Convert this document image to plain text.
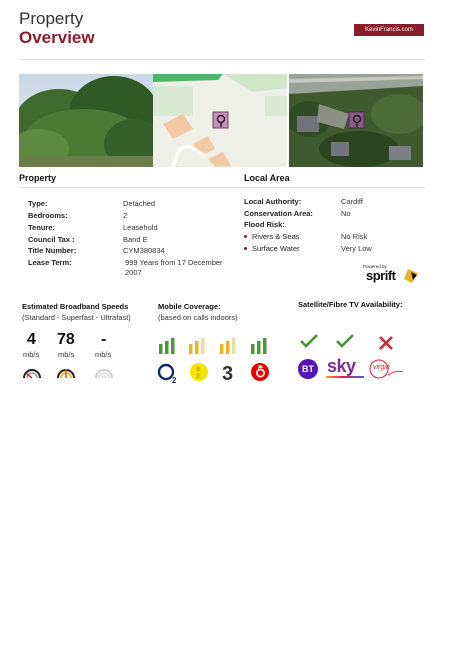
Property
Overview	KevinFrancis.com
Property	Local Area
Type:	Detached
Bedrooms:	2
Tenure:	Leasehold
Council Tax :	Band E
Title Number:	CYM380834
Lease Term:	999 Years from 17 December 2007
Local Authority:	Cardiff
Conservation Area:	No
Flood Risk:
Rivers & Seas	No Risk
Surface Water	Very Low
Powered by
sprift
Estimated Broadband Speeds
(Standard - Superfast - Ultrafast)
4
mb/s
78
mb/s
-
mb/s
Mobile Coverage:
(based on calls indoors)
2
E
E 3
Satellite/Fibre TV Availability:
BT sky virgin
